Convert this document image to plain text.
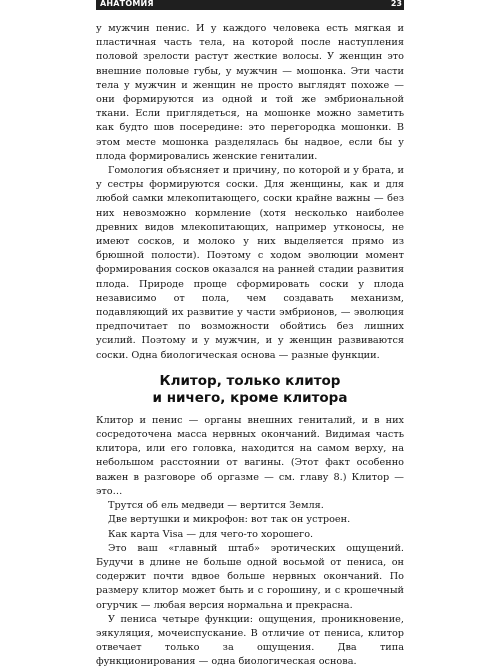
АНАТОМИЯ	23

у мужчин пенис. И у каждого человека есть мягкая и пластичная часть тела, на которой после наступления половой зрелости растут жесткие волосы. У женщин это внешние половые губы, у мужчин — мошонка. Эти части тела у мужчин и женщин не просто выглядят похоже — они формируются из одной и той же эмбриональной ткани. Если приглядеться, на мошонке можно заметить как будто шов посередине: это перегородка мошонки. В этом месте мошонка разделялась бы надвое, если бы у плода формировались женские гениталии.

Гомология объясняет и причину, по которой и у брата, и у сестры формируются соски. Для женщины, как и для любой самки млекопитающего, соски крайне важны — без них невозможно кормление (хотя несколько наиболее древних видов млекопитающих, например утконосы, не имеют сосков, и молоко у них выделяется прямо из брюшной полости). Поэтому с ходом эволюции момент формирования сосков оказался на ранней стадии развития плода. Природе проще сформировать соски у плода независимо от пола, чем создавать механизм, подавляющий их развитие у части эмбрионов, — эволюция предпочитает по возможности обойтись без лишних усилий. Поэтому и у мужчин, и у женщин развиваются соски. Одна биологическая основа — разные функции.

Клитор, только клитор
и ничего, кроме клитора

Клитор и пенис — органы внешних гениталий, и в них сосредоточена масса нервных окончаний. Видимая часть клитора, или его головка, находится на самом верху, на небольшом расстоянии от вагины. (Этот факт особенно важен в разговоре об оргазме — см. главу 8.) Клитор — это…

Трутся об ель медведи — вертится Земля.

Две вертушки и микрофон: вот так он устроен.

Как карта Visa — для чего-то хорошего.

Это ваш «главный штаб» эротических ощущений. Будучи в длине не больше одной восьмой от пениса, он содержит почти вдвое больше нервных окончаний. По размеру клитор может быть и с горошину, и с крошечный огурчик — любая версия нормальна и прекрасна.

У пениса четыре функции: ощущения, проникновение, эякуляция, мочеиспускание. В отличие от пениса, клитор отвечает только за ощущения. Два типа функционирования — одна биологическая основа.
